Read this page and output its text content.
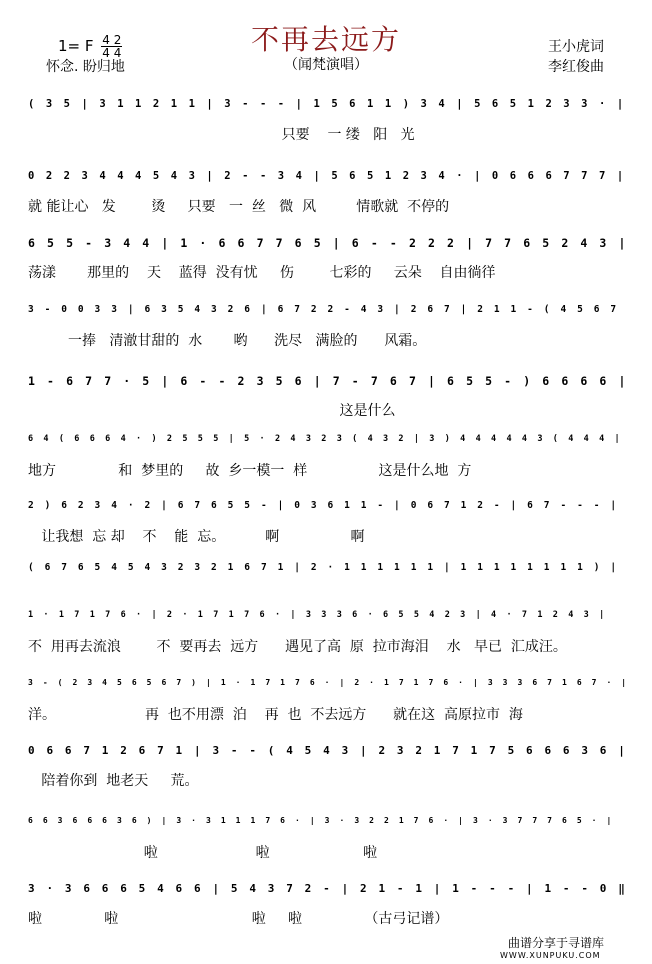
不再去远方
（闻梵演唱）
1= F $\frac{4 2}{4 4}$
怀念. 盼归地
王小虎词
李红俊曲
( 3 5 | 3 1 1 2 1 1 | 3 - - - | 1 5 6 1 1 ) 3 4 | 5 6 5 1 2 3 3 · |
只要    一 缕   阳   光
0 2 2 3 4 4 4 5 4 3 | 2 - - 3 4 | 5 6 5 1 2 3 4 · | 0 6 6 6 7 7 7 |
就 能让心   发        烫     只要   一  丝   微  风         情歌就  不停的
6 5 5 - 3 4 4 | 1 · 6 6 7 7 6 5 | 6 - - 2 2 2 | 7 7 6 5 2 4 3 |
荡漾       那里的    天    蓝得  没有忧     伤        七彩的     云朵    自由徜徉
3 - 0 0 3 3 | 6 3 5 4 3 2 6 | 6 7 2 2 - 4 3 | 2 6 7 | 2 1 1 - ( 4 5 6 7
一捧   清澈甘甜的  水       哟      洗尽   满脸的      风霜。
1 - 6 7 7 · 5 | 6 - - 2 3 5 6 | 7 - 7 6 7 | 6 5 5 - ) 6 6 6 6 |
这是什么
6 4 ( 6 6 6 4 · ) 2 5 5 5 | 5 · 2 4 3 2 3 ( 4 3 2 | 3 ) 4 4 4 4 4 3 ( 4 4 4 |
地方              和  梦里的     故  乡一模一  样                这是什么地  方
2 ) 6 2 3 4 · 2 | 6 7 6 5 5 - | 0 3 6 1 1 - | 0 6 7 1 2 - | 6 7 - - - |
让我想  忘 却    不    能  忘。         啊                啊
( 6 7 6 5 4 5 4 3 2 3 2 1 6 7 1 | 2 · 1 1 1 1 1 1 | 1 1 1 1 1 1 1 1 ) |
1 · 1 7 1 7 6 · | 2 · 1 7 1 7 6 · | 3 3 3 6 · 6 5 5 4 2 3 | 4 · 7 1 2 4 3 |
不  用再去流浪        不  要再去  远方      遇见了高  原  拉市海泪    水   早已  汇成汪。
3 - ( 2 3 4 5 6 5 6 7 ) | 1 · 1 7 1 7 6 · | 2 · 1 7 1 7 6 · | 3 3 3 6 7 1 6 7 · |
洋。                    再  也不用漂  泊    再  也  不去远方      就在这  高原拉市  海
0 6 6 7 1 2 6 7 1 | 3 - - ( 4 5 4 3 | 2 3 2 1 7 1 7 5 6 6 6 3 6 |
陪着你到  地老天     荒。
6 6 3 6 6 6 3 6 ) | 3 · 3 1 1 1 7 6 · | 3 · 3 2 2 1 7 6 · | 3 · 3 7 7 7 6 5 · |
啦                      啦                     啦
3 · 3 6 6 6 5 4 6 6 | 5 4 3 7 2 - | 2 1 - 1 | 1 - - - | 1 - - 0 ‖
啦              啦                              啦     啦              （古弓记谱）
曲谱分享于寻谱库
WWW.XUNPUKU.COM
